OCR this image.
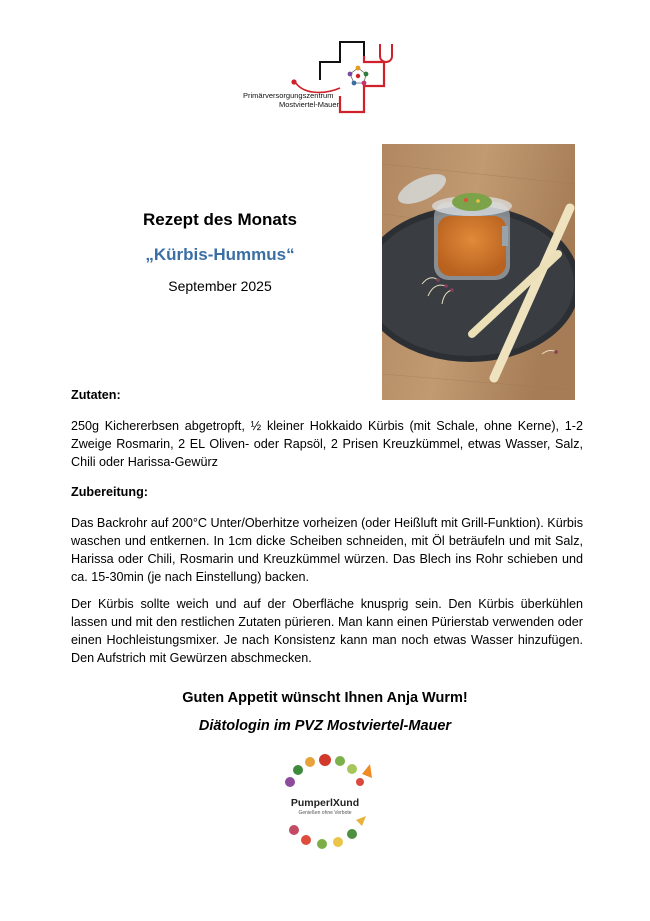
Primärversorgungszentrum
Mostviertel-Mauer

Rezept des Monats

„Kürbis-Hummus“

September 2025

Zutaten:

250g Kichererbsen abgetropft, ½ kleiner Hokkaido Kürbis (mit Schale, ohne Kerne), 1-2 Zweige Rosmarin, 2 EL Oliven- oder Rapsöl, 2 Prisen Kreuzkümmel, etwas Wasser, Salz, Chili oder Harissa-Gewürz

Zubereitung:

Das Backrohr auf 200°C Unter/Oberhitze vorheizen (oder Heißluft mit Grill-Funktion). Kürbis waschen und entkernen. In 1cm dicke Scheiben schneiden, mit Öl beträufeln und mit Salz, Harissa oder Chili, Rosmarin und Kreuzkümmel würzen. Das Blech ins Rohr schieben und ca. 15-30min (je nach Einstellung) backen.

Der Kürbis sollte weich und auf der Oberfläche knusprig sein. Den Kürbis überkühlen lassen und mit den restlichen Zutaten pürieren. Man kann einen Pürierstab verwenden oder einen Hochleistungsmixer. Je nach Konsistenz kann man noch etwas Wasser hinzufügen. Den Aufstrich mit Gewürzen abschmecken.

Guten Appetit wünscht Ihnen Anja Wurm!

Diätologin im PVZ Mostviertel-Mauer

PumperlXund
Genießen ohne Verbote
